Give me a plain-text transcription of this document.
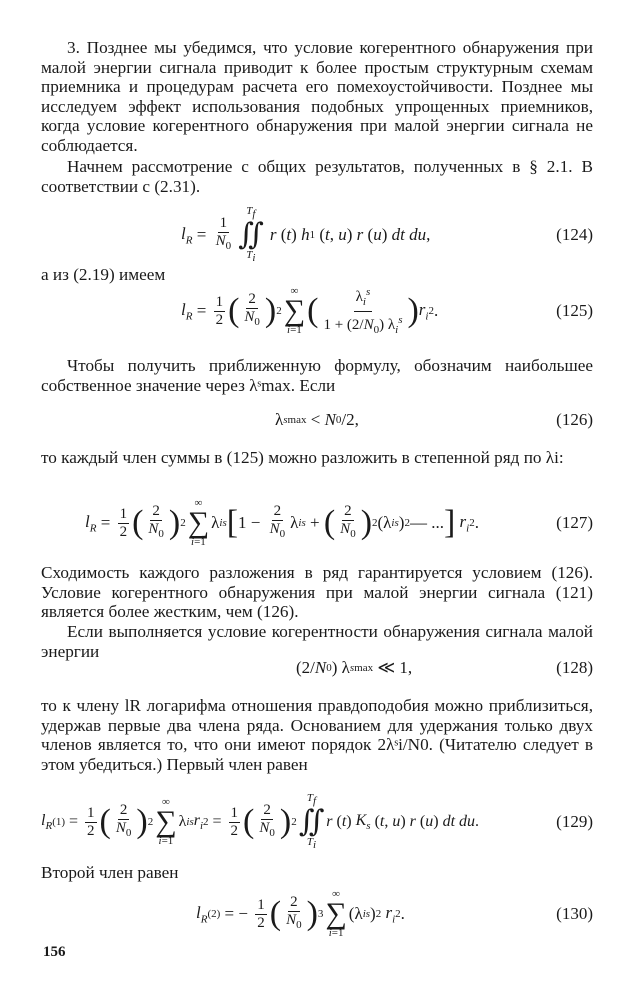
3. Позднее мы убедимся, что условие когерентного обнаружения при малой энергии сигнала приводит к более простым структурным схемам приемника и процедурам расчета его помехоустойчивости. Позднее мы исследуем эффект использования подобных упрощенных приемников, когда условие когерентного обнаружения при малой энергии сигнала не соблюдается.

Начнем рассмотрение с общих результатов, полученных в § 2.1. В соответствии с (2.31).

$l_R = \frac{1}{N_0}$
$T_f$
∬
$T_i$
r ( t ) h 1 ( t , u ) r ( u ) dt du ,	(124)

а из (2.19) имеем

$l_R = \frac{1}{2}$ ( $\frac{2}{N_0}$ ) 2
∞
∑
i=1
( $\frac{\lambda_i^s}{1 + (2/N_0) \lambda_i^s}$ ) $r_i$ 2 .	(125)

Чтобы получить приближенную формулу, обозначим наибольшее собственное значение через λˢmax. Если

λ s max < N 0 /2,	(126)

то каждый член суммы в (125) можно разложить в степенной ряд по λi:

$l_R = \frac{1}{2}$ ( $\frac{2}{N_0}$ ) 2
∞
∑
i=1
λ i s [ $1 - \frac{2}{N_0}$ λ i s + ( $\frac{2}{N_0}$ ) 2 (λ i s ) 2 — ... ]
$r_i$ 2 .	(127)

Сходимость каждого разложения в ряд гарантируется условием (126). Условие когерентного обнаружения при малой энергии сигнала (121) является более жестким, чем (126).

Если выполняется условие когерентности обнаружения сигнала малой энергии

(2/ N 0 ) λ s max ≪ 1,	(128)

то к члену lR логарифма отношения правдоподобия можно приблизиться, удержав первые два члена ряда. Основанием для удержания только двух членов является то, что они имеют порядок 2λˢi/N0. (Читателю следует в этом убедиться.) Первый член равен

$l_R$ $(1) = \frac{1}{2}$ ( $\frac{2}{N_0}$ ) 2
∞
∑
i=1
λ i s $r_i$ $2 = \frac{1}{2}$ ( $\frac{2}{N_0}$ ) 2
$T_f$
∬
$T_i$
r ( t ) $K_s$ ( t , u ) r ( u ) dt du .	(129)

Второй член равен

$l_R$ (2) = − $\frac{1}{2}$ ( $\frac{2}{N_0}$ ) 3
∞
∑
i=1
(λ i s ) 2
$r_i$ 2 .	(130)
156
